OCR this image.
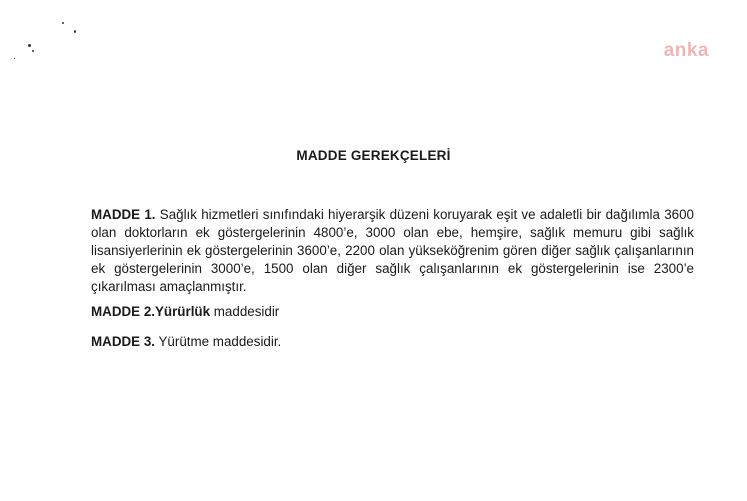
anka
MADDE GEREKÇELERİ

MADDE 1. Sağlık hizmetleri sınıfındaki hiyerarşik düzeni koruyarak eşit ve adaletli bir dağılımla 3600 olan doktorların ek göstergelerinin 4800’e, 3000 olan ebe, hemşire, sağlık memuru gibi sağlık lisansiyerlerinin ek göstergelerinin 3600’e, 2200 olan yükseköğrenim gören diğer sağlık çalışanlarının ek göstergelerinin 3000’e, 1500 olan diğer sağlık çalışanlarının ek göstergelerinin ise 2300’e çıkarılması amaçlanmıştır.

MADDE 2.Yürürlük maddesidir

MADDE 3. Yürütme maddesidir.
